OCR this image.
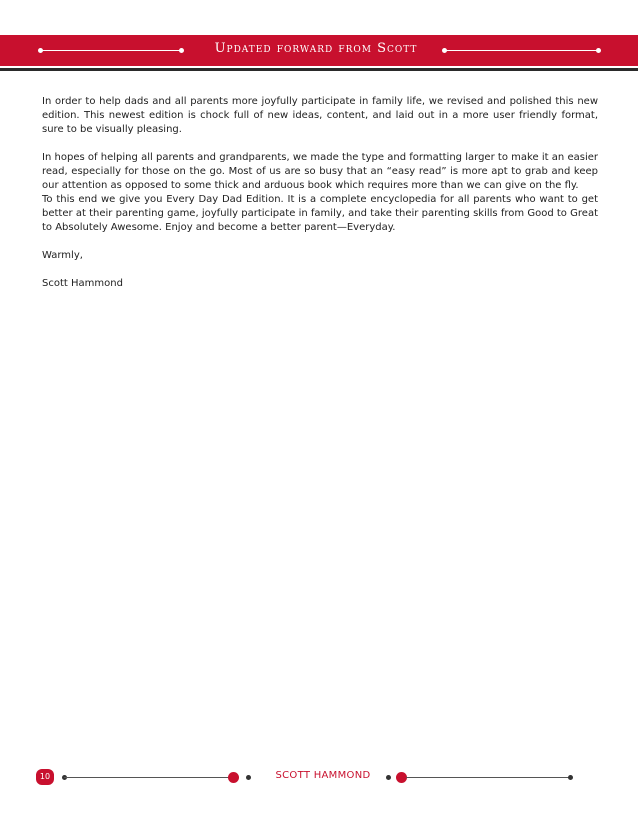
Updated forward from Scott

In order to help dads and all parents more joyfully participate in family life, we revised and polished this new edition. This newest edition is chock full of new ideas, content, and laid out in a more user friendly format, sure to be visually pleasing.

In hopes of helping all parents and grandparents, we made the type and formatting larger to make it an easier read, especially for those on the go. Most of us are so busy that an “easy read” is more apt to grab and keep our attention as opposed to some thick and arduous book which requires more than we can give on the fly.

To this end we give you Every Day Dad Edition. It is a complete encyclopedia for all parents who want to get better at their parenting game, joyfully participate in family, and take their parenting skills from Good to Great to Absolutely Awesome. Enjoy and become a better parent—Everyday.

Warmly,

Scott Hammond

10	SCOTT HAMMOND
